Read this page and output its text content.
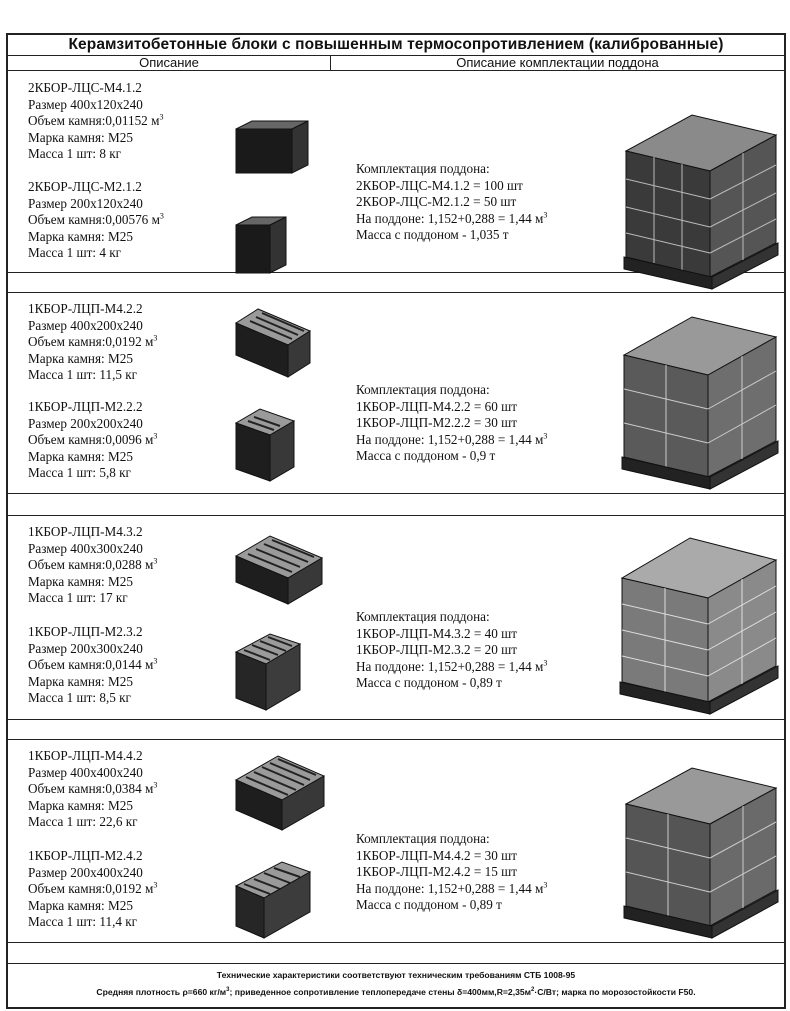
Керамзитобетонные блоки с повышенным термосопротивлением (калиброванные)
Описание	Описание комплектации поддона
2КБОР-ЛЦС-М4.1.2
Размер 400х120х240
Объем камня:0,01152 $м^3$
Марка камня: М25
Масса 1 шт: 8 кг
2КБОР-ЛЦС-М2.1.2
Размер 200х120х240
Объем камня:0,00576 $м^3$
Марка камня: М25
Масса 1 шт: 4 кг
Комплектация поддона:
2КБОР-ЛЦС-М4.1.2 = 100 шт
2КБОР-ЛЦС-М2.1.2 = 50 шт
На поддоне: 1,152+0,288 = 1,44 $м^3$
Масса с поддоном - 1,035 т
1КБОР-ЛЦП-М4.2.2
Размер 400х200х240
Объем камня:0,0192 $м^3$
Марка камня: М25
Масса 1 шт: 11,5 кг
1КБОР-ЛЦП-М2.2.2
Размер 200х200х240
Объем камня:0,0096 $м^3$
Марка камня: М25
Масса 1 шт: 5,8 кг
Комплектация поддона:
1КБОР-ЛЦП-М4.2.2 = 60 шт
1КБОР-ЛЦП-М2.2.2 = 30 шт
На поддоне: 1,152+0,288 = 1,44 $м^3$
Масса с поддоном - 0,9 т
1КБОР-ЛЦП-М4.3.2
Размер 400х300х240
Объем камня:0,0288 $м^3$
Марка камня: М25
Масса 1 шт: 17 кг
1КБОР-ЛЦП-М2.3.2
Размер 200х300х240
Объем камня:0,0144 $м^3$
Марка камня: М25
Масса 1 шт: 8,5 кг
Комплектация поддона:
1КБОР-ЛЦП-М4.3.2 = 40 шт
1КБОР-ЛЦП-М2.3.2 = 20 шт
На поддоне: 1,152+0,288 = 1,44 $м^3$
Масса с поддоном - 0,89 т
1КБОР-ЛЦП-М4.4.2
Размер 400х400х240
Объем камня:0,0384 $м^3$
Марка камня: М25
Масса 1 шт: 22,6 кг
1КБОР-ЛЦП-М2.4.2
Размер 200х400х240
Объем камня:0,0192 $м^3$
Марка камня: М25
Масса 1 шт: 11,4 кг
Комплектация поддона:
1КБОР-ЛЦП-М4.4.2 = 30 шт
1КБОР-ЛЦП-М2.4.2 = 15 шт
На поддоне: 1,152+0,288 = 1,44 $м^3$
Масса с поддоном - 0,89 т
Технические характеристики соответствуют техническим требованиям СТБ 1008-95
Средняя плотность ρ=660 $кг/м^3$; приведенное сопротивление теплопередаче стены $\delta=400мм,R=2,35м^2\cdot С/Вт$; марка по морозостойкости F50.
